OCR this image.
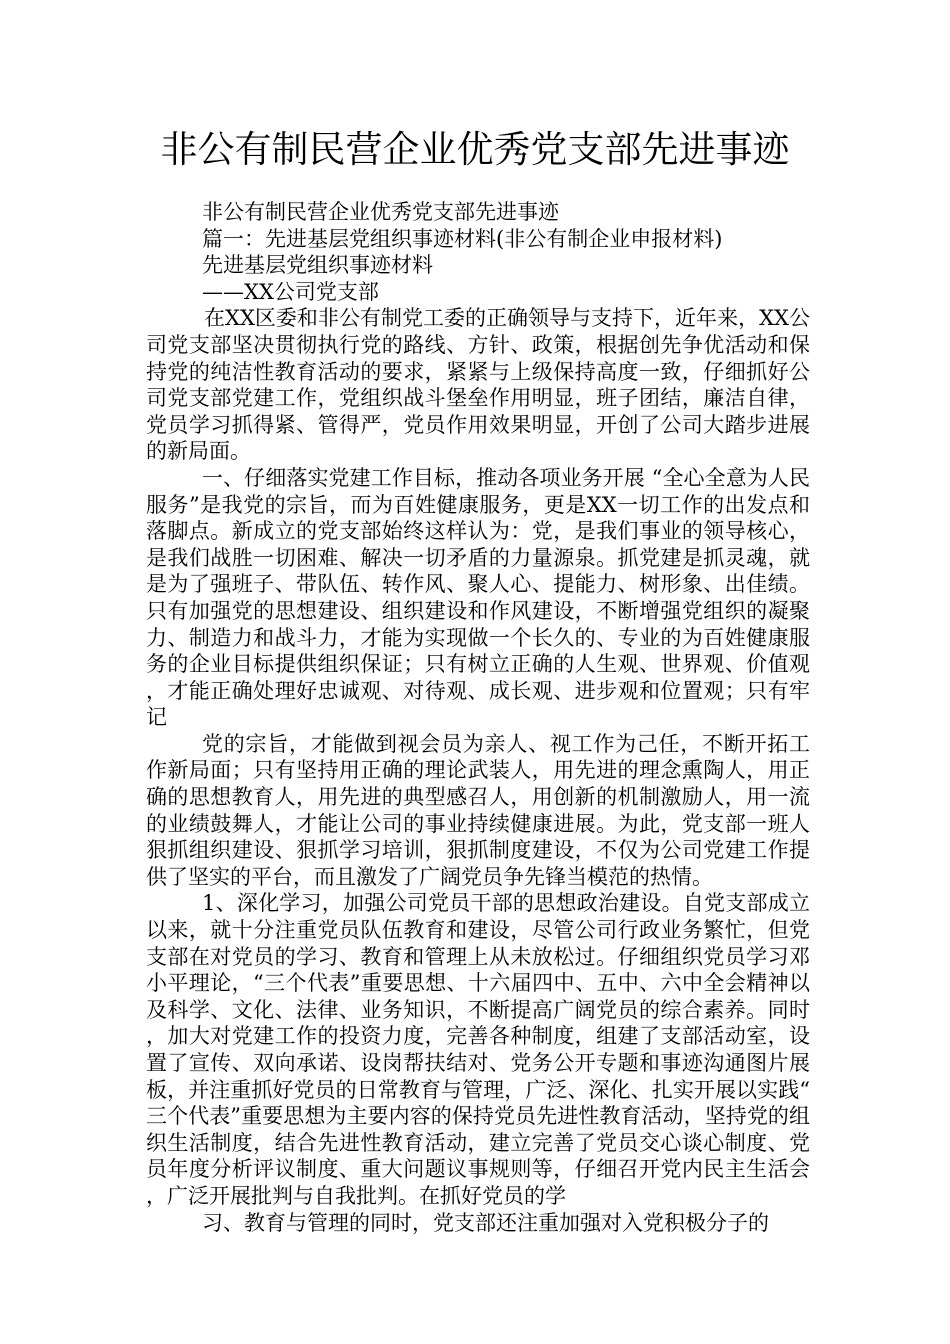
非公有制民营企业优秀党支部先进事迹

非公有制民营企业优秀党支部先进事迹

篇一：先进基层党组织事迹材料(非公有制企业申报材料)

先进基层党组织事迹材料

——XX公司党支部

在XX区委和非公有制党工委的正确领导与支持下，近年来，XX公司党支部坚决贯彻执行党的路线、方针、政策，根据创先争优活动和保持党的纯洁性教育活动的要求，紧紧与上级保持高度一致，仔细抓好公司党支部党建工作，党组织战斗堡垒作用明显，班子团结，廉洁自律，党员学习抓得紧、管得严，党员作用效果明显，开创了公司大踏步进展的新局面。

一、仔细落实党建工作目标，推动各项业务开展 “全心全意为人民服务”是我党的宗旨，而为百姓健康服务，更是XX一切工作的出发点和落脚点。新成立的党支部始终这样认为：党，是我们事业的领导核心，是我们战胜一切困难、解决一切矛盾的力量源泉。抓党建是抓灵魂，就是为了强班子、带队伍、转作风、聚人心、提能力、树形象、出佳绩。只有加强党的思想建设、组织建设和作风建设，不断增强党组织的凝聚力、制造力和战斗力，才能为实现做一个长久的、专业的为百姓健康服务的企业目标提供组织保证；只有树立正确的人生观、世界观、价值观，才能正确处理好忠诚观、对待观、成长观、进步观和位置观；只有牢记

党的宗旨，才能做到视会员为亲人、视工作为己任，不断开拓工作新局面；只有坚持用正确的理论武装人，用先进的理念熏陶人，用正确的思想教育人，用先进的典型感召人，用创新的机制激励人，用一流的业绩鼓舞人，才能让公司的事业持续健康进展。为此，党支部一班人狠抓组织建设、狠抓学习培训，狠抓制度建设，不仅为公司党建工作提供了坚实的平台，而且激发了广阔党员争先锋当模范的热情。

1、深化学习，加强公司党员干部的思想政治建设。自党支部成立以来，就十分注重党员队伍教育和建设，尽管公司行政业务繁忙，但党支部在对党员的学习、教育和管理上从未放松过。仔细组织党员学习邓小平理论，“三个代表”重要思想、十六届四中、五中、六中全会精神以及科学、文化、法律、业务知识，不断提高广阔党员的综合素养。同时，加大对党建工作的投资力度，完善各种制度，组建了支部活动室，设置了宣传、双向承诺、设岗帮扶结对、党务公开专题和事迹沟通图片展板，并注重抓好党员的日常教育与管理，广泛、深化、扎实开展以实践“三个代表”重要思想为主要内容的保持党员先进性教育活动，坚持党的组织生活制度，结合先进性教育活动，建立完善了党员交心谈心制度、党员年度分析评议制度、重大问题议事规则等，仔细召开党内民主生活会，广泛开展批判与自我批判。在抓好党员的学

习、教育与管理的同时，党支部还注重加强对入党积极分子的
